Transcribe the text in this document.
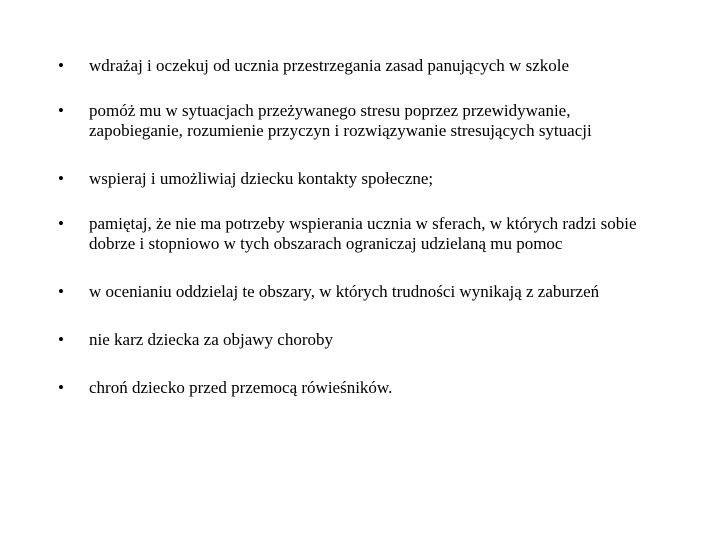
•	wdrażaj i oczekuj od ucznia przestrzegania zasad panujących w szkole
•	pomóż mu w sytuacjach przeżywanego stresu poprzez przewidywanie, zapobieganie, rozumienie przyczyn i rozwiązywanie stresujących sytuacji
•	wspieraj i umożliwiaj dziecku kontakty społeczne;
•	pamiętaj, że nie ma potrzeby wspierania ucznia w sferach, w których radzi sobie dobrze i stopniowo w tych obszarach ograniczaj udzielaną mu pomoc
•	w ocenianiu oddzielaj te obszary, w których trudności wynikają z zaburzeń
•	nie karz dziecka za objawy choroby
•	chroń dziecko przed przemocą rówieśników.
